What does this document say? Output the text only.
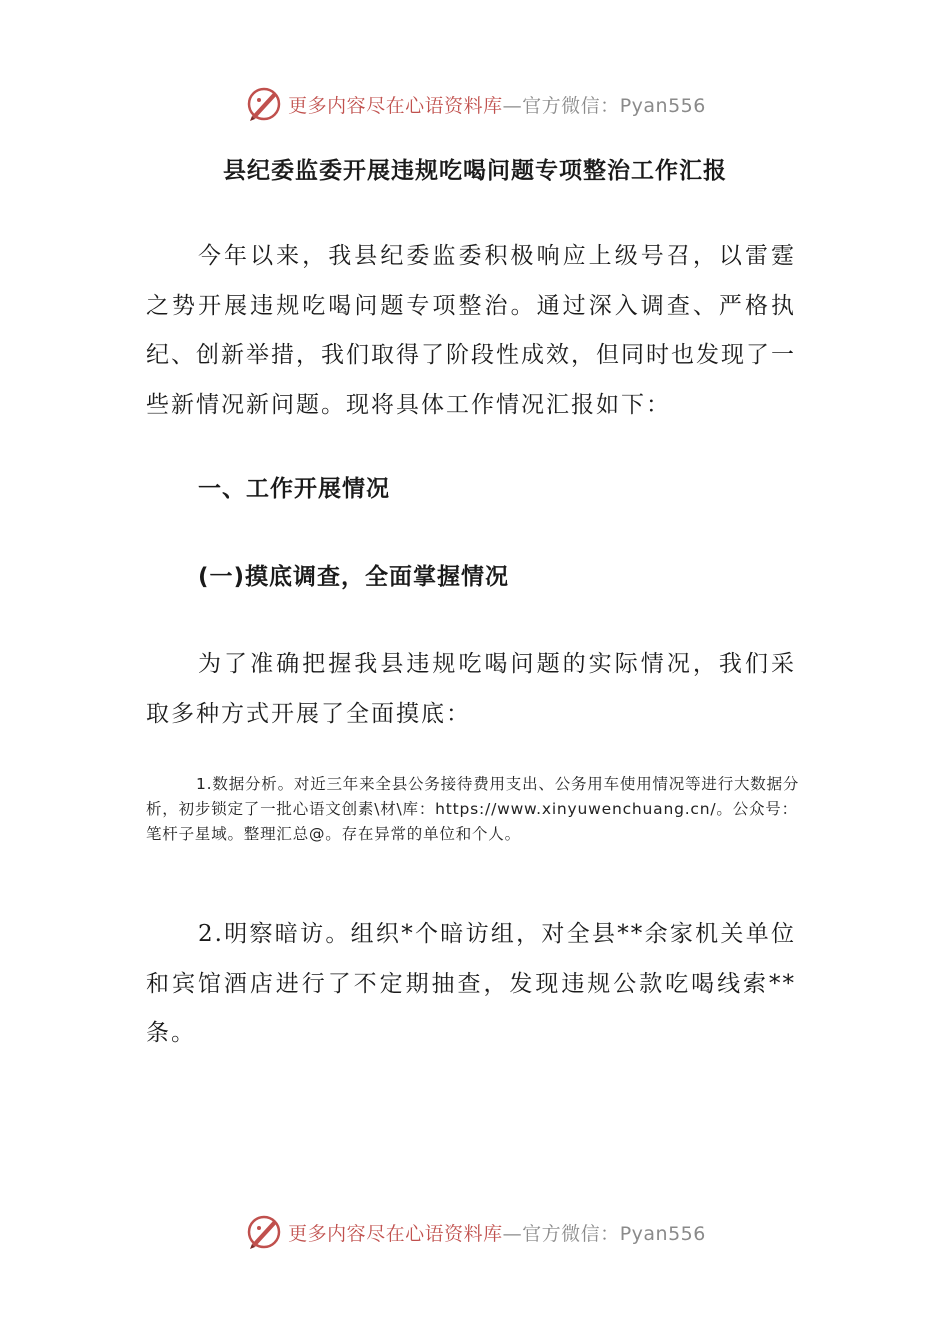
更多内容尽在心语资料库—官方微信：Pyan556
县纪委监委开展违规吃喝问题专项整治工作汇报

今年以来，我县纪委监委积极响应上级号召，以雷霆之势开展违规吃喝问题专项整治。通过深入调查、严格执纪、创新举措，我们取得了阶段性成效，但同时也发现了一些新情况新问题。现将具体工作情况汇报如下：

一、工作开展情况

(一)摸底调查，全面掌握情况

为了准确把握我县违规吃喝问题的实际情况，我们采取多种方式开展了全面摸底：

1.数据分析。对近三年来全县公务接待费用支出、公务用车使用情况等进行大数据分析，初步锁定了一批心语文创素\材\库：https://www.xinyuwenchuang.cn/。公众号：笔杆子星域。整理汇总@。存在异常的单位和个人。

2.明察暗访。组织*个暗访组，对全县**余家机关单位和宾馆酒店进行了不定期抽查，发现违规公款吃喝线索**条。

更多内容尽在心语资料库—官方微信：Pyan556
